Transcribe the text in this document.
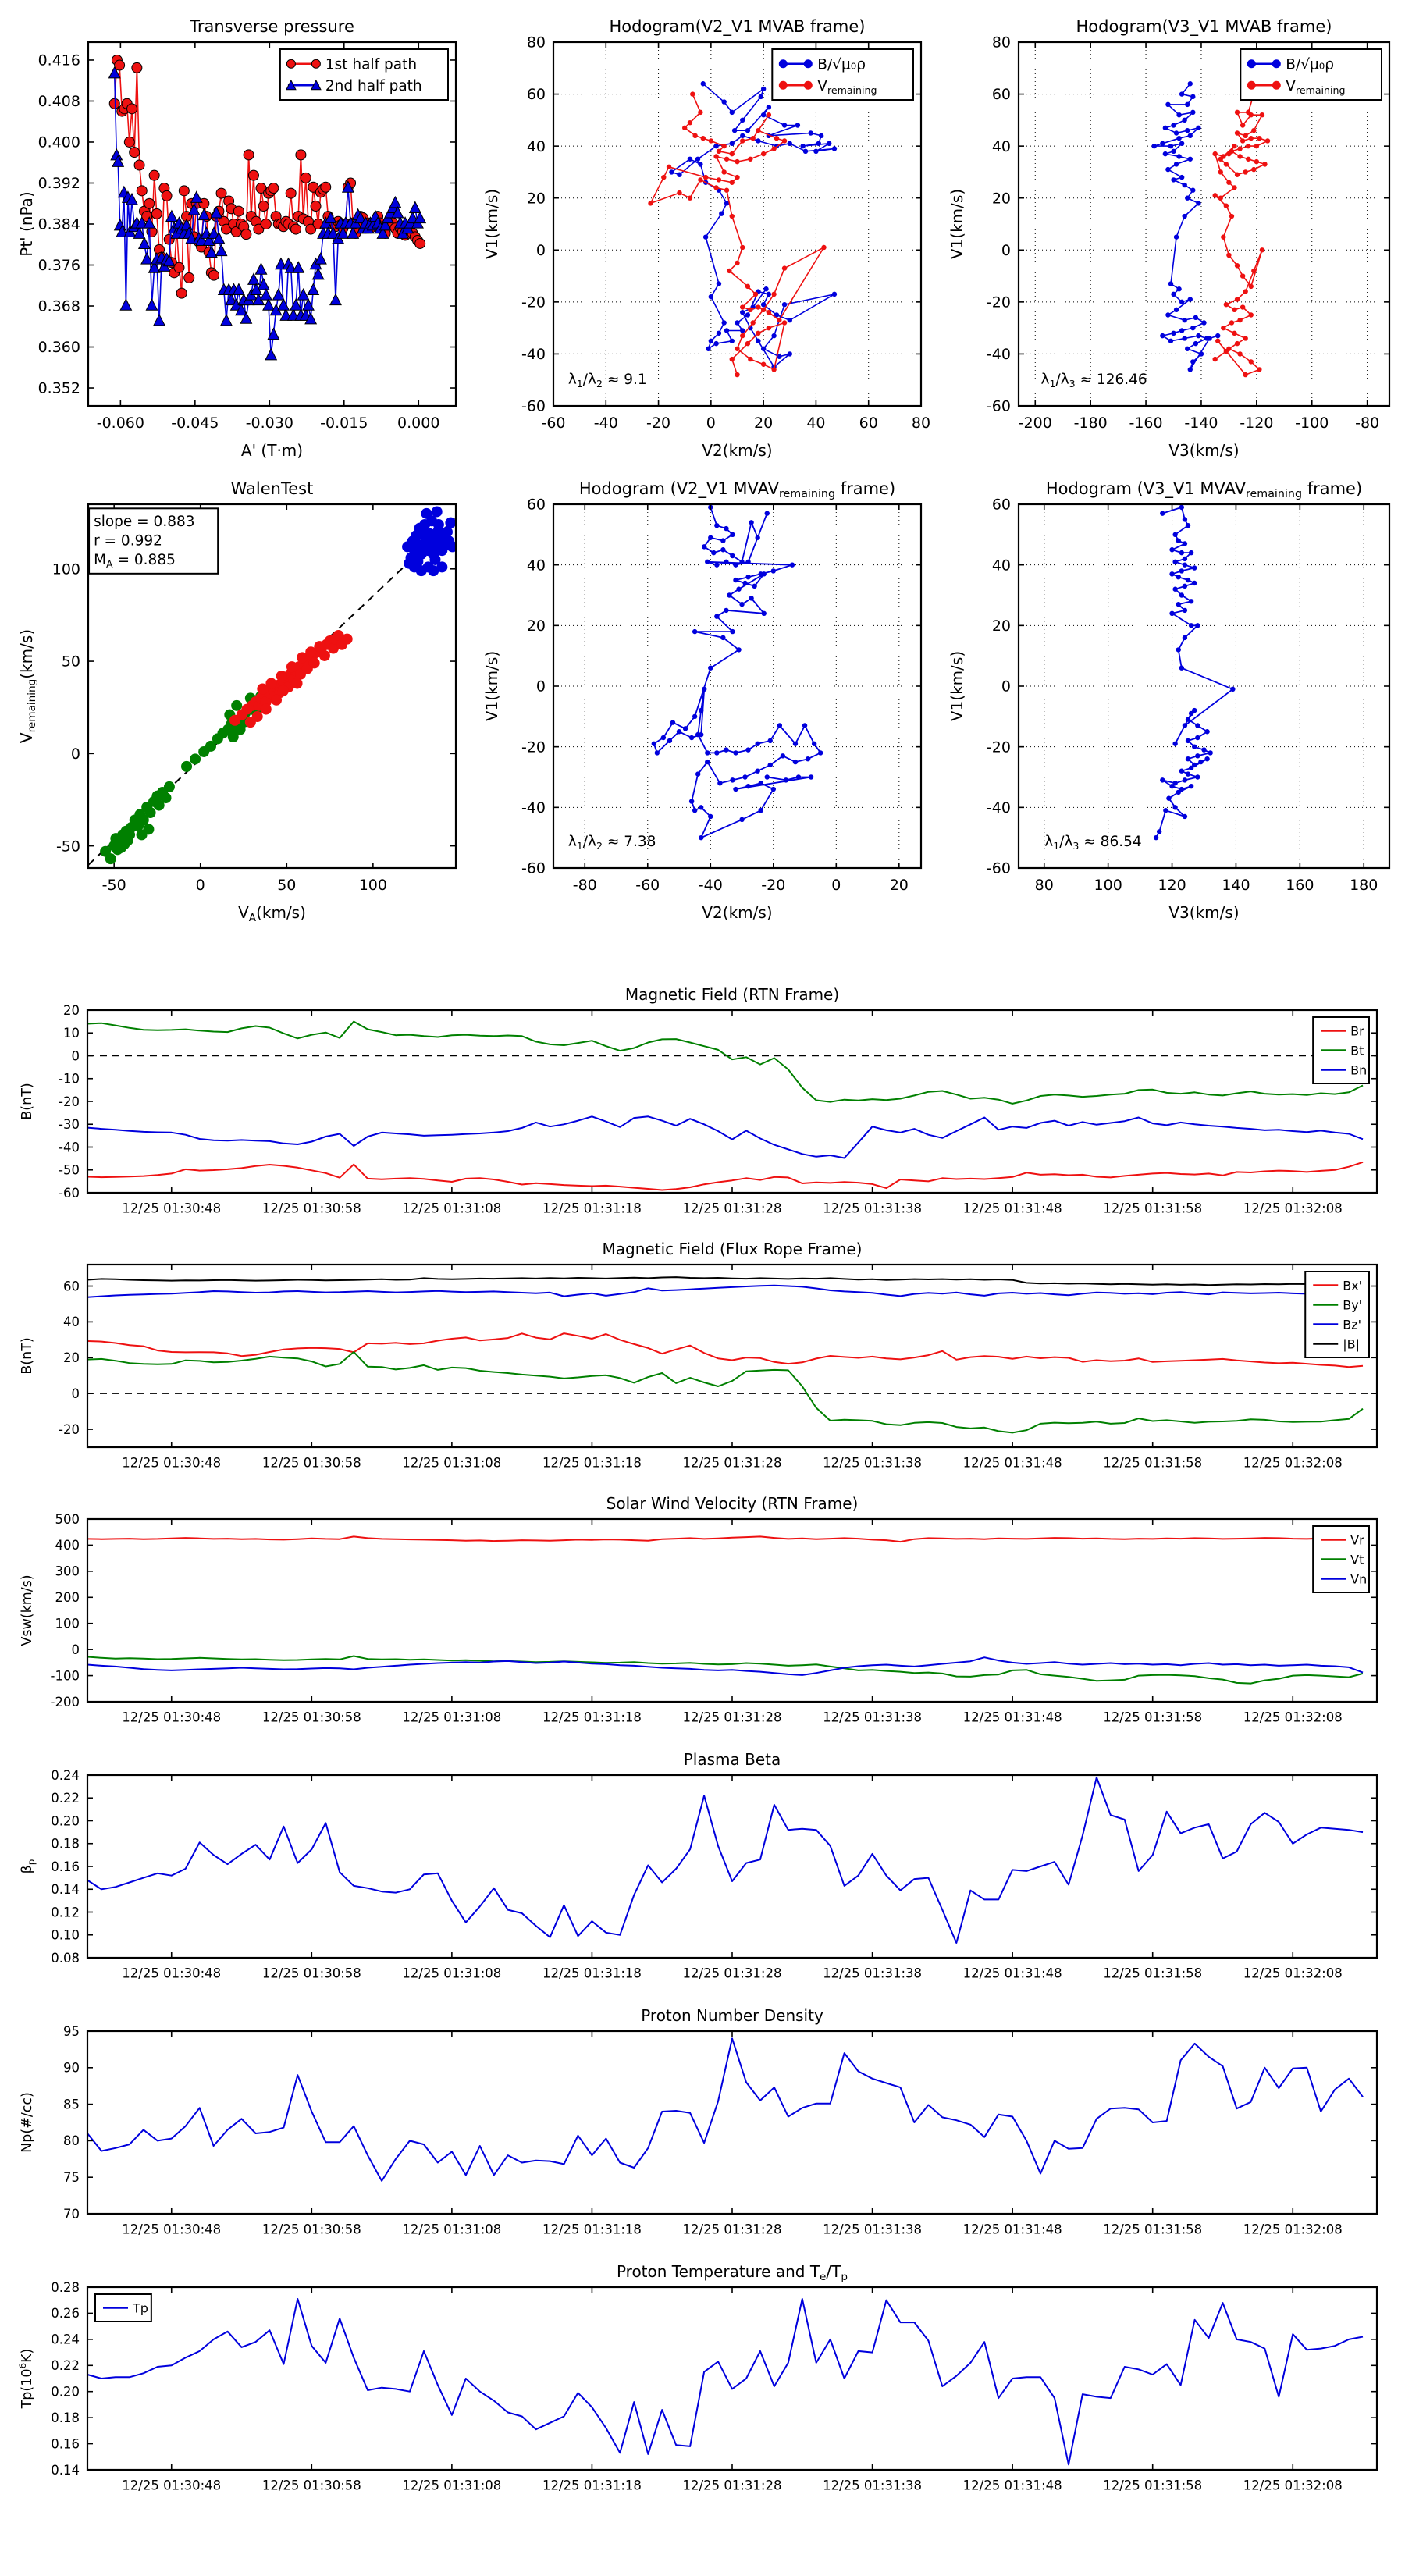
-0.060 -0.045 -0.030 -0.015 0.000
0.352
0.360
0.368
0.376
0.384
0.392
0.400
0.408
0.416
Transverse pressure
A' (T·m)
Pt' (nPa)
1st half path
2nd half path
-60 -40 -20 0	20 40 60 80
-60
-40
-20
0
20
40
60
80
Hodogram(V2_V1 MVAB frame)
V2(km/s)
V1(km/s)
B/√μ₀ρ
$V_{remaining}$
$\lambda_1/\lambda_2 \approx 9.1$
-200 -180 -160 -140 -120 -100 -80
-60
-40
-20
0
20
40
60
80
Hodogram(V3_V1 MVAB frame)
V3(km/s)
V1(km/s)
B/√μ₀ρ
$V_{remaining}$
$\lambda_1/\lambda_3 \approx 126.46$
-50	0	50	100
-50
0
50
100
WalenTest
$V_A(km/s)$
$V_{remaining}(km/s)$
slope = 0.883
r = 0.992
$M_A = 0.885$
-80	-60	-40	-20	0	20
-60
-40
-20
0
20
40
60
Hodogram (V2_V1 MVAVremaining frame)
V2(km/s)
V1(km/s)
$\lambda_1/\lambda_2 \approx 7.38$
80	100 120 140 160 180
-60
-40
-20
0
20
40
60
Hodogram (V3_V1 MVAVremaining frame)
V3(km/s)
V1(km/s)
$\lambda_1/\lambda_3 \approx 86.54$
12/25 01:30:48	12/25 01:30:58	12/25 01:31:08	12/25 01:31:18	12/25 01:31:28	12/25 01:31:38	12/25 01:31:48	12/25 01:31:58	12/25 01:32:08
-60
-50
-40
-30
-20
-10
0
10
20
Magnetic Field (RTN Frame)
B(nT)
Br
Bt
Bn
12/25 01:30:48	12/25 01:30:58	12/25 01:31:08	12/25 01:31:18	12/25 01:31:28	12/25 01:31:38	12/25 01:31:48	12/25 01:31:58	12/25 01:32:08
-20
0
20
40
60
Magnetic Field (Flux Rope Frame)
B(nT)
Bx'
By'
Bz'
|B|
12/25 01:30:48	12/25 01:30:58	12/25 01:31:08	12/25 01:31:18	12/25 01:31:28	12/25 01:31:38	12/25 01:31:48	12/25 01:31:58	12/25 01:32:08
-200
-100
0
100
200
300
400
500
Solar Wind Velocity (RTN Frame)
Vsw(km/s)
Vr
Vt
Vn
12/25 01:30:48	12/25 01:30:58	12/25 01:31:08	12/25 01:31:18	12/25 01:31:28	12/25 01:31:38	12/25 01:31:48	12/25 01:31:58	12/25 01:32:08
0.08
0.10
0.12
0.14
0.16
0.18
0.20
0.22
0.24
Plasma Beta
$\beta_p$
12/25 01:30:48	12/25 01:30:58	12/25 01:31:08	12/25 01:31:18	12/25 01:31:28	12/25 01:31:38	12/25 01:31:48	12/25 01:31:58	12/25 01:32:08
70
75
80
85
90
95
Proton Number Density
Np(#/cc)
12/25 01:30:48	12/25 01:30:58	12/25 01:31:08	12/25 01:31:18	12/25 01:31:28	12/25 01:31:38	12/25 01:31:48	12/25 01:31:58	12/25 01:32:08
0.14
0.16
0.18
0.20
0.22
0.24
0.26
0.28
Proton Temperature and $T_e/T_p$
$Tp(10^6K)$
Tp
